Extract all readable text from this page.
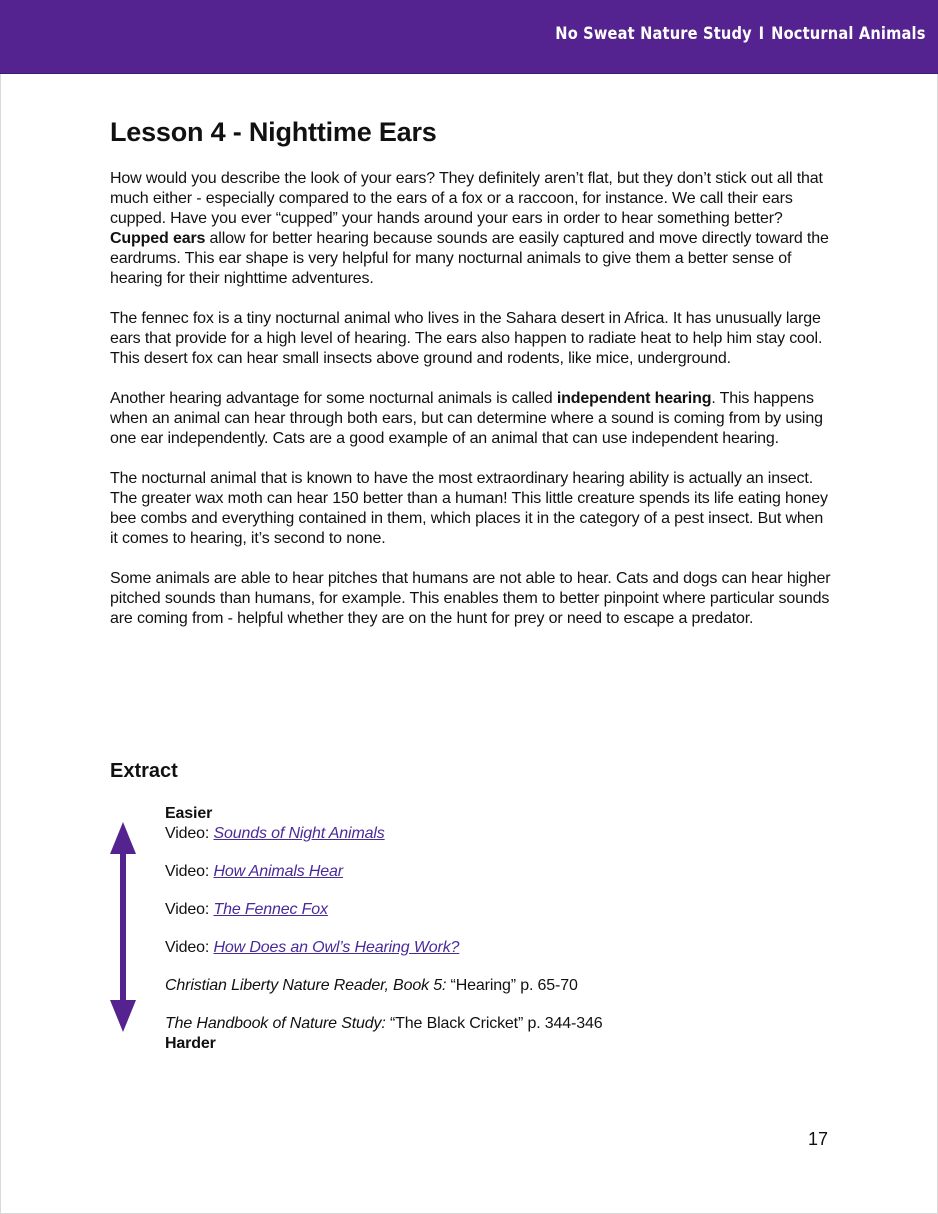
No Sweat Nature Study I Nocturnal Animals
Lesson 4 - Nighttime Ears

How would you describe the look of your ears? They definitely aren’t flat, but they don’t stick out all that much either - especially compared to the ears of a fox or a raccoon, for instance. We call their ears cupped. Have you ever “cupped” your hands around your ears in order to hear something better? Cupped ears allow for better hearing because sounds are easily captured and move directly toward the eardrums. This ear shape is very helpful for many nocturnal animals to give them a better sense of hearing for their nighttime adventures.

The fennec fox is a tiny nocturnal animal who lives in the Sahara desert in Africa. It has unusually large ears that provide for a high level of hearing. The ears also happen to radiate heat to help him stay cool. This desert fox can hear small insects above ground and rodents, like mice, underground.

Another hearing advantage for some nocturnal animals is called independent hearing. This happens when an animal can hear through both ears, but can determine where a sound is coming from by using one ear independently. Cats are a good example of an animal that can use independent hearing.

The nocturnal animal that is known to have the most extraordinary hearing ability is actually an insect. The greater wax moth can hear 150 better than a human! This little creature spends its life eating honey bee combs and everything contained in them, which places it in the category of a pest insect. But when it comes to hearing, it’s second to none.

Some animals are able to hear pitches that humans are not able to hear. Cats and dogs can hear higher pitched sounds than humans, for example. This enables them to better pinpoint where particular sounds are coming from - helpful whether they are on the hunt for prey or need to escape a predator.

Extract
Easier
Video: Sounds of Night Animals
Video: How Animals Hear
Video: The Fennec Fox
Video: How Does an Owl’s Hearing Work?
Christian Liberty Nature Reader, Book 5: “Hearing” p. 65-70
The Handbook of Nature Study: “The Black Cricket” p. 344-346
Harder
17
